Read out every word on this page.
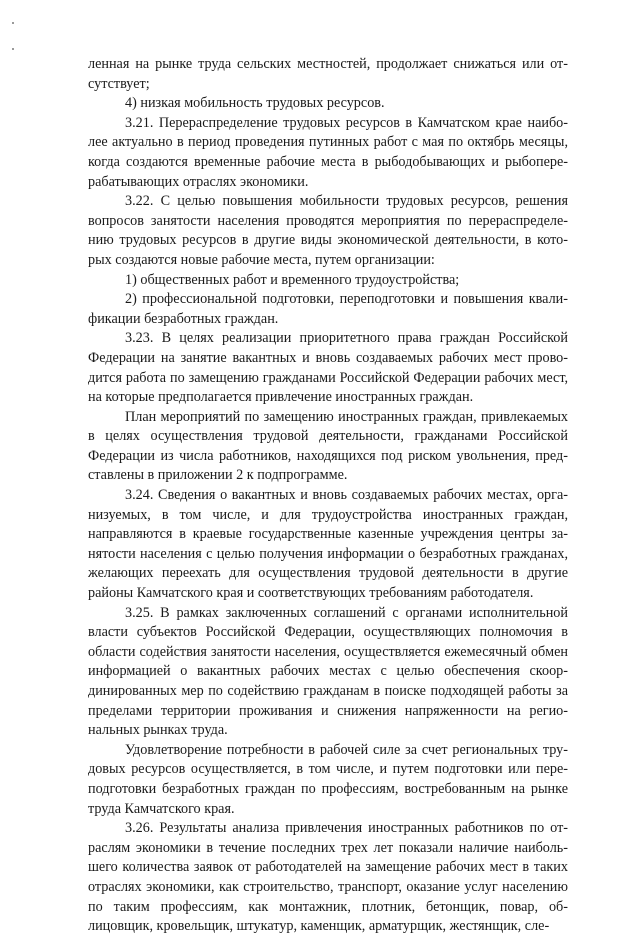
ленная на рынке труда сельских местностей, продолжает снижаться или отсутствует;

4) низкая мобильность трудовых ресурсов.

3.21. Перераспределение трудовых ресурсов в Камчатском крае наиболее актуально в период проведения путинных работ с мая по октябрь месяцы, когда создаются временные рабочие места в рыбодобывающих и рыбоперерабатывающих отраслях экономики.

3.22. С целью повышения мобильности трудовых ресурсов, решения вопросов занятости населения проводятся мероприятия по перераспределению трудовых ресурсов в другие виды экономической деятельности, в которых создаются новые рабочие места, путем организации:

1) общественных работ и временного трудоустройства;

2) профессиональной подготовки, переподготовки и повышения квалификации безработных граждан.

3.23. В целях реализации приоритетного права граждан Российской Федерации на занятие вакантных и вновь создаваемых рабочих мест проводится работа по замещению гражданами Российской Федерации рабочих мест, на которые предполагается привлечение иностранных граждан.

План мероприятий по замещению иностранных граждан, привлекаемых в целях осуществления трудовой деятельности, гражданами Российской Федерации из числа работников, находящихся под риском увольнения, представлены в приложении 2 к подпрограмме.

3.24. Сведения о вакантных и вновь создаваемых рабочих местах, организуемых, в том числе, и для трудоустройства иностранных граждан, направляются в краевые государственные казенные учреждения центры занятости населения с целью получения информации о безработных гражданах, желающих переехать для осуществления трудовой деятельности в другие районы Камчатского края и соответствующих требованиям работодателя.

3.25. В рамках заключенных соглашений с органами исполнительной власти субъектов Российской Федерации, осуществляющих полномочия в области содействия занятости населения, осуществляется ежемесячный обмен информацией о вакантных рабочих местах с целью обеспечения скоординированных мер по содействию гражданам в поиске подходящей работы за пределами территории проживания и снижения напряженности на региональных рынках труда.

Удовлетворение потребности в рабочей силе за счет региональных трудовых ресурсов осуществляется, в том числе, и путем подготовки или переподготовки безработных граждан по профессиям, востребованным на рынке труда Камчатского края.

3.26. Результаты анализа привлечения иностранных работников по отраслям экономики в течение последних трех лет показали наличие наибольшего количества заявок от работодателей на замещение рабочих мест в таких отраслях экономики, как строительство, транспорт, оказание услуг населению по таким профессиям, как монтажник, плотник, бетонщик, повар, облицовщик, кровельщик, штукатур, каменщик, арматурщик, жестянщик, сле-
